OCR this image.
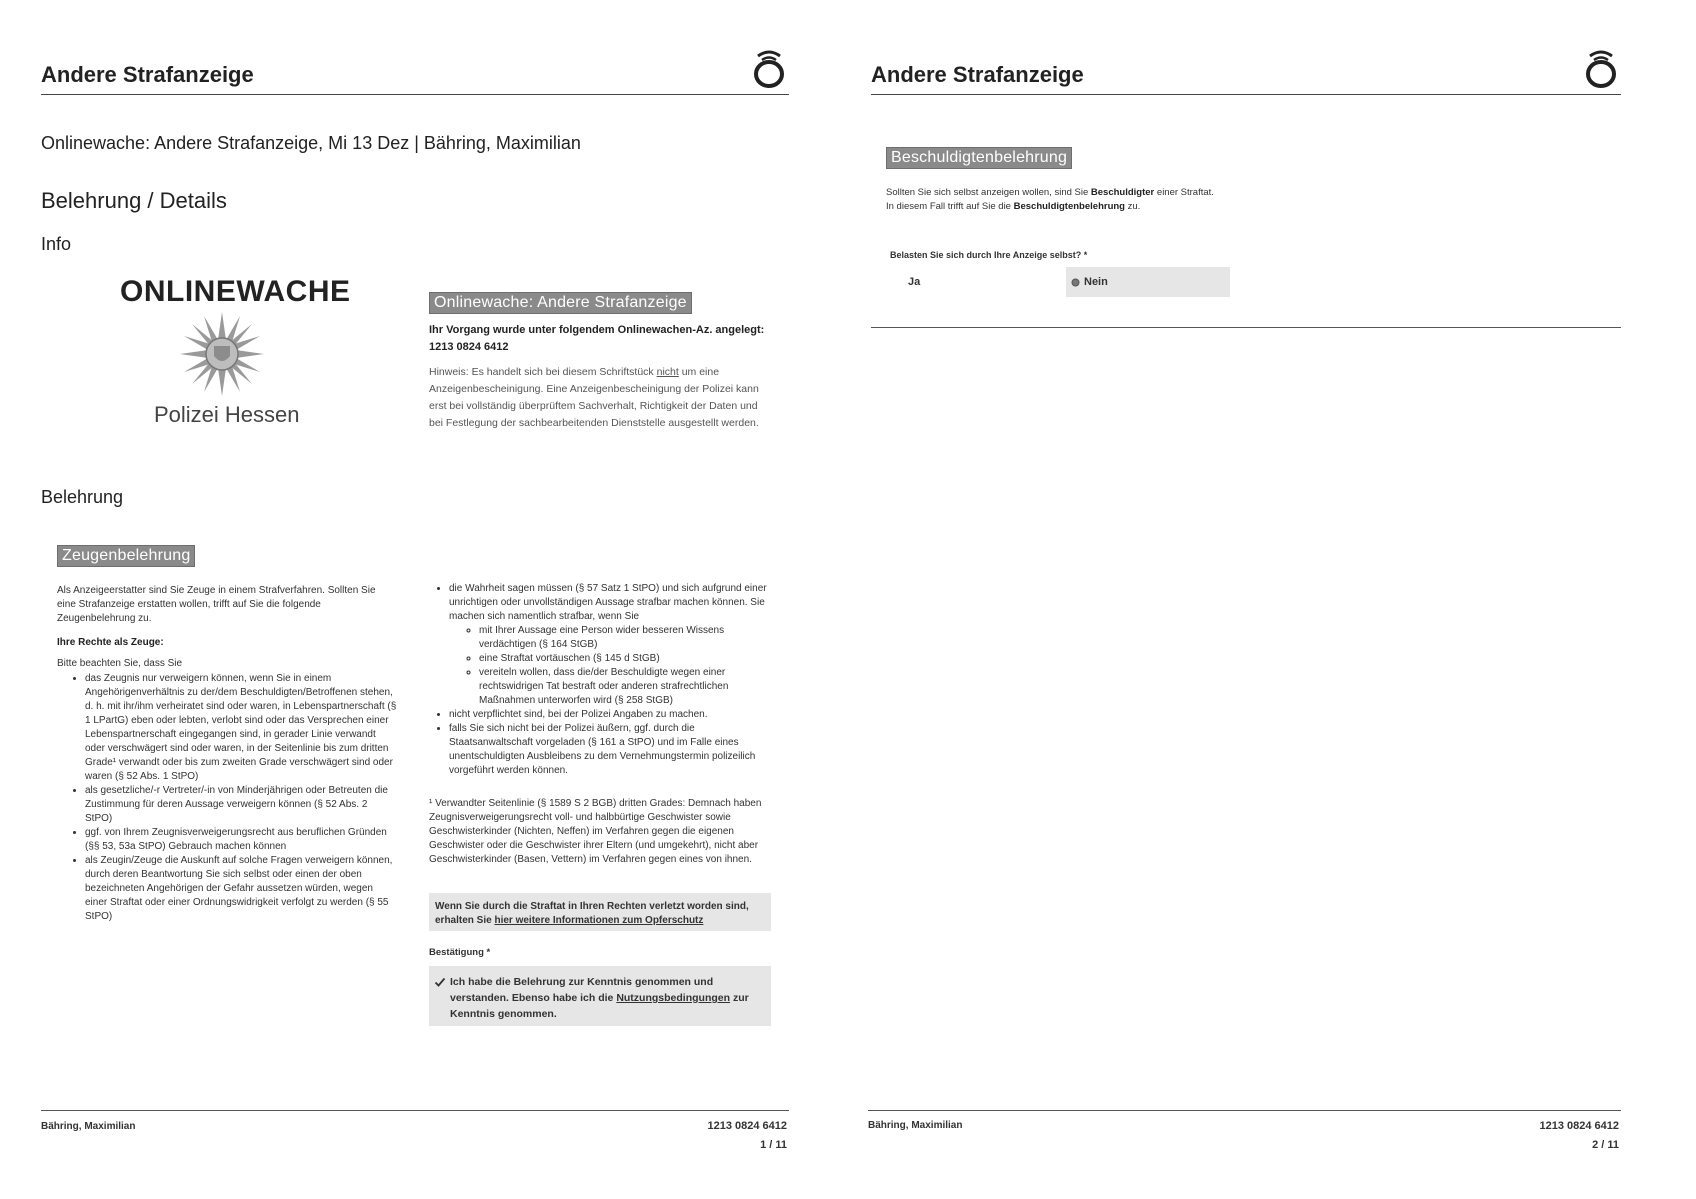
Andere Strafanzeige
Onlinewache: Andere Strafanzeige, Mi 13 Dez | Bähring, Maximilian
Belehrung / Details
Info
ONLINEWACHE
Polizei Hessen
Onlinewache: Andere Strafanzeige
Ihr Vorgang wurde unter folgendem Onlinewachen-Az. angelegt: 1213 0824 6412
Hinweis: Es handelt sich bei diesem Schriftstück nicht um eine Anzeigenbescheinigung. Eine Anzeigenbescheinigung der Polizei kann erst bei vollständig überprüftem Sachverhalt, Richtigkeit der Daten und bei Festlegung der sachbearbeitenden Dienststelle ausgestellt werden.
Belehrung
Zeugenbelehrung
Als Anzeigeerstatter sind Sie Zeuge in einem Strafverfahren. Sollten Sie eine Strafanzeige erstatten wollen, trifft auf Sie die folgende Zeugenbelehrung zu.
Ihre Rechte als Zeuge:
Bitte beachten Sie, dass Sie
• das Zeugnis nur verweigern können, wenn Sie in einem Angehörigenverhältnis zu der/dem Beschuldigten/Betroffenen stehen, d. h. mit ihr/ihm verheiratet sind oder waren, in Lebenspartnerschaft (§ 1 LPartG) eben oder lebten, verlobt sind oder das Versprechen einer Lebenspartnerschaft eingegangen sind, in gerader Linie verwandt oder verschwägert sind oder waren, in der Seitenlinie bis zum dritten Grade¹ verwandt oder bis zum zweiten Grade verschwägert sind oder waren (§ 52 Abs. 1 StPO)
• als gesetzliche/-r Vertreter/-in von Minderjährigen oder Betreuten die Zustimmung für deren Aussage verweigern können (§ 52 Abs. 2 StPO)
• ggf. von Ihrem Zeugnisverweigerungsrecht aus beruflichen Gründen (§§ 53, 53a StPO) Gebrauch machen können
• als Zeugin/Zeuge die Auskunft auf solche Fragen verweigern können, durch deren Beantwortung Sie sich selbst oder einen der oben bezeichneten Angehörigen der Gefahr aussetzen würden, wegen einer Straftat oder einer Ordnungswidrigkeit verfolgt zu werden (§ 55 StPO)
• die Wahrheit sagen müssen (§ 57 Satz 1 StPO) und sich aufgrund einer unrichtigen oder unvollständigen Aussage strafbar machen können. Sie machen sich namentlich strafbar, wenn Sie
◦ mit Ihrer Aussage eine Person wider besseren Wissens verdächtigen (§ 164 StGB)
◦ eine Straftat vortäuschen (§ 145 d StGB)
◦ vereiteln wollen, dass die/der Beschuldigte wegen einer rechtswidrigen Tat bestraft oder anderen strafrechtlichen Maßnahmen unterworfen wird (§ 258 StGB)
• nicht verpflichtet sind, bei der Polizei Angaben zu machen.
• falls Sie sich nicht bei der Polizei äußern, ggf. durch die Staatsanwaltschaft vorgeladen (§ 161 a StPO) und im Falle eines unentschuldigten Ausbleibens zu dem Vernehmungstermin polizeilich vorgeführt werden können.
¹ Verwandter Seitenlinie (§ 1589 S 2 BGB) dritten Grades: Demnach haben Zeugnisverweigerungsrecht voll- und halbbürtige Geschwister sowie Geschwisterkinder (Nichten, Neffen) im Verfahren gegen die eigenen Geschwister oder die Geschwister ihrer Eltern (und umgekehrt), nicht aber Geschwisterkinder (Basen, Vettern) im Verfahren gegen eines von ihnen.
Wenn Sie durch die Straftat in Ihren Rechten verletzt worden sind, erhalten Sie hier weitere Informationen zum Opferschutz
Bestätigung *
Ich habe die Belehrung zur Kenntnis genommen und verstanden. Ebenso habe ich die Nutzungsbedingungen zur Kenntnis genommen.
Bähring, Maximilian	1213 0824 6412
1 / 11
Andere Strafanzeige
Beschuldigtenbelehrung
Sollten Sie sich selbst anzeigen wollen, sind Sie Beschuldigter einer Straftat. In diesem Fall trifft auf Sie die Beschuldigtenbelehrung zu.
Belasten Sie sich durch Ihre Anzeige selbst? *
Ja	Nein
Bähring, Maximilian	1213 0824 6412
2 / 11
